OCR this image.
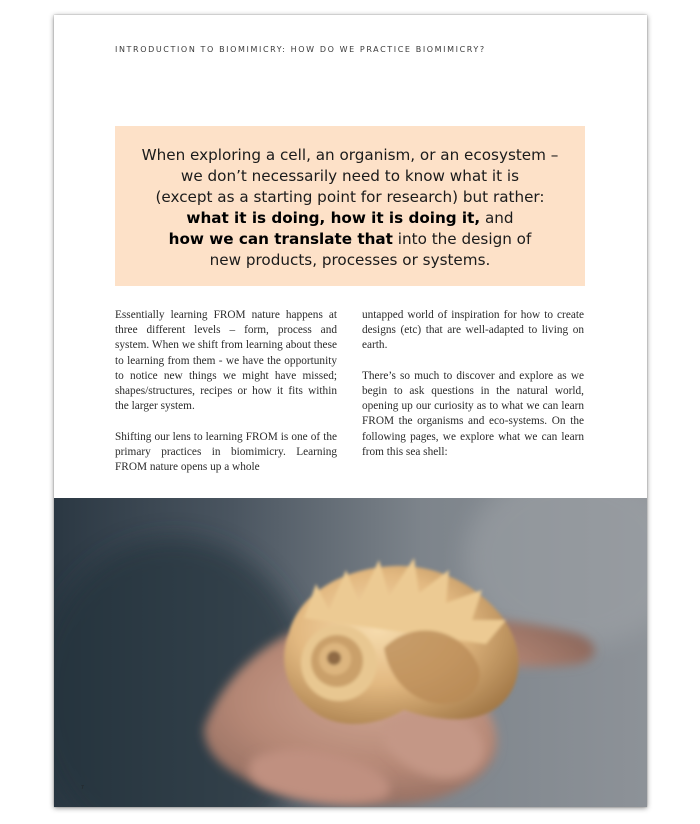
INTRODUCTION TO BIOMIMICRY: HOW DO WE PRACTICE BIOMIMICRY?
When exploring a cell, an organism, or an ecosystem –
we don’t necessarily need to know what it is
(except as a starting point for research) but rather:
what it is doing, how it is doing it, and
how we can translate that into the design of
new products, processes or systems.

Essentially learning FROM nature happens at three different levels – form, process and system. When we shift from learning about these to learning from them - we have the opportunity to notice new things we might have missed; shapes/structures, recipes or how it fits within the larger system.

Shifting our lens to learning FROM is one of the primary practices in biomimicry. Learning FROM nature opens up a whole

untapped world of inspiration for how to create designs (etc) that are well-adapted to living on earth.

There’s so much to discover and explore as we begin to ask questions in the natural world, opening up our curiosity as to what we can learn FROM the organisms and eco-systems. On the following pages, we explore what we can learn from this sea shell:

7
